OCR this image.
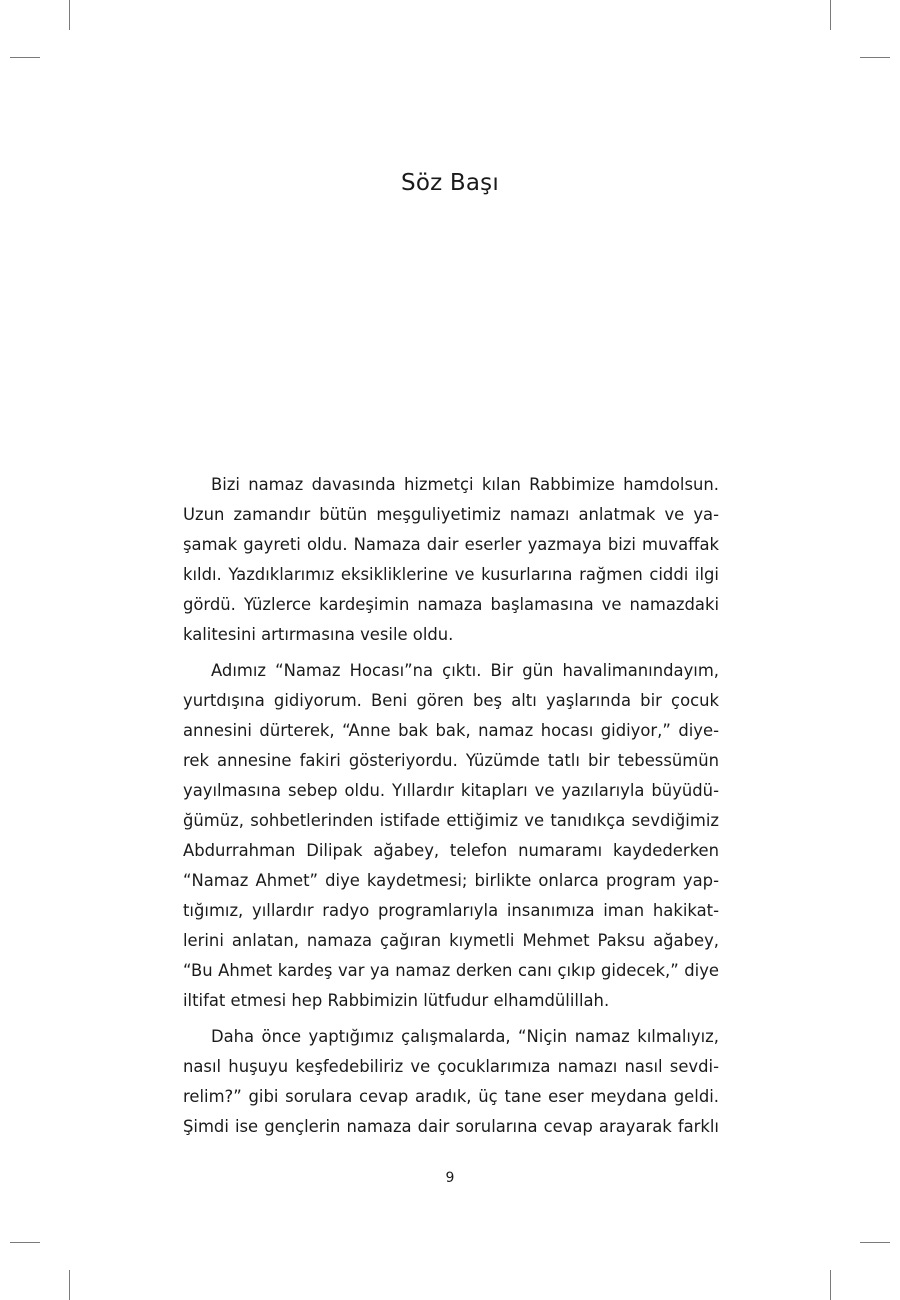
Söz Başı

Bizi namaz davasında hizmetçi kılan Rabbimize hamdolsun. Uzun zamandır bütün meşguliyetimiz namazı anlatmak ve yaşamak gayreti oldu. Namaza dair eserler yazmaya bizi muvaffak kıldı. Yazdıklarımız eksikliklerine ve kusurlarına rağmen ciddi ilgi gördü. Yüzlerce kardeşimin namaza başlamasına ve namazdaki kalitesini artırmasına vesile oldu.

Adımız “Namaz Hocası”na çıktı. Bir gün havalimanındayım, yurtdışına gidiyorum. Beni gören beş altı yaşlarında bir çocuk annesini dürterek, “Anne bak bak, namaz hocası gidiyor,” diyerek annesine fakiri gösteriyordu. Yüzümde tatlı bir tebessümün yayılmasına sebep oldu. Yıllardır kitapları ve yazılarıyla büyüdüğümüz, sohbetlerinden istifade ettiğimiz ve tanıdıkça sevdiğimiz Abdurrahman Dilipak ağabey, telefon numaramı kaydederken “Namaz Ahmet” diye kaydetmesi; birlikte onlarca program yaptığımız, yıllardır radyo programlarıyla insanımıza iman hakikatlerini anlatan, namaza çağıran kıymetli Mehmet Paksu ağabey, “Bu Ahmet kardeş var ya namaz derken canı çıkıp gidecek,” diye iltifat etmesi hep Rabbimizin lütfudur elhamdülillah.

Daha önce yaptığımız çalışmalarda, “Niçin namaz kılmalıyız, nasıl huşuyu keşfedebiliriz ve çocuklarımıza namazı nasıl sevdirelim?” gibi sorulara cevap aradık, üç tane eser meydana geldi. Şimdi ise gençlerin namaza dair sorularına cevap arayarak farklı

9
